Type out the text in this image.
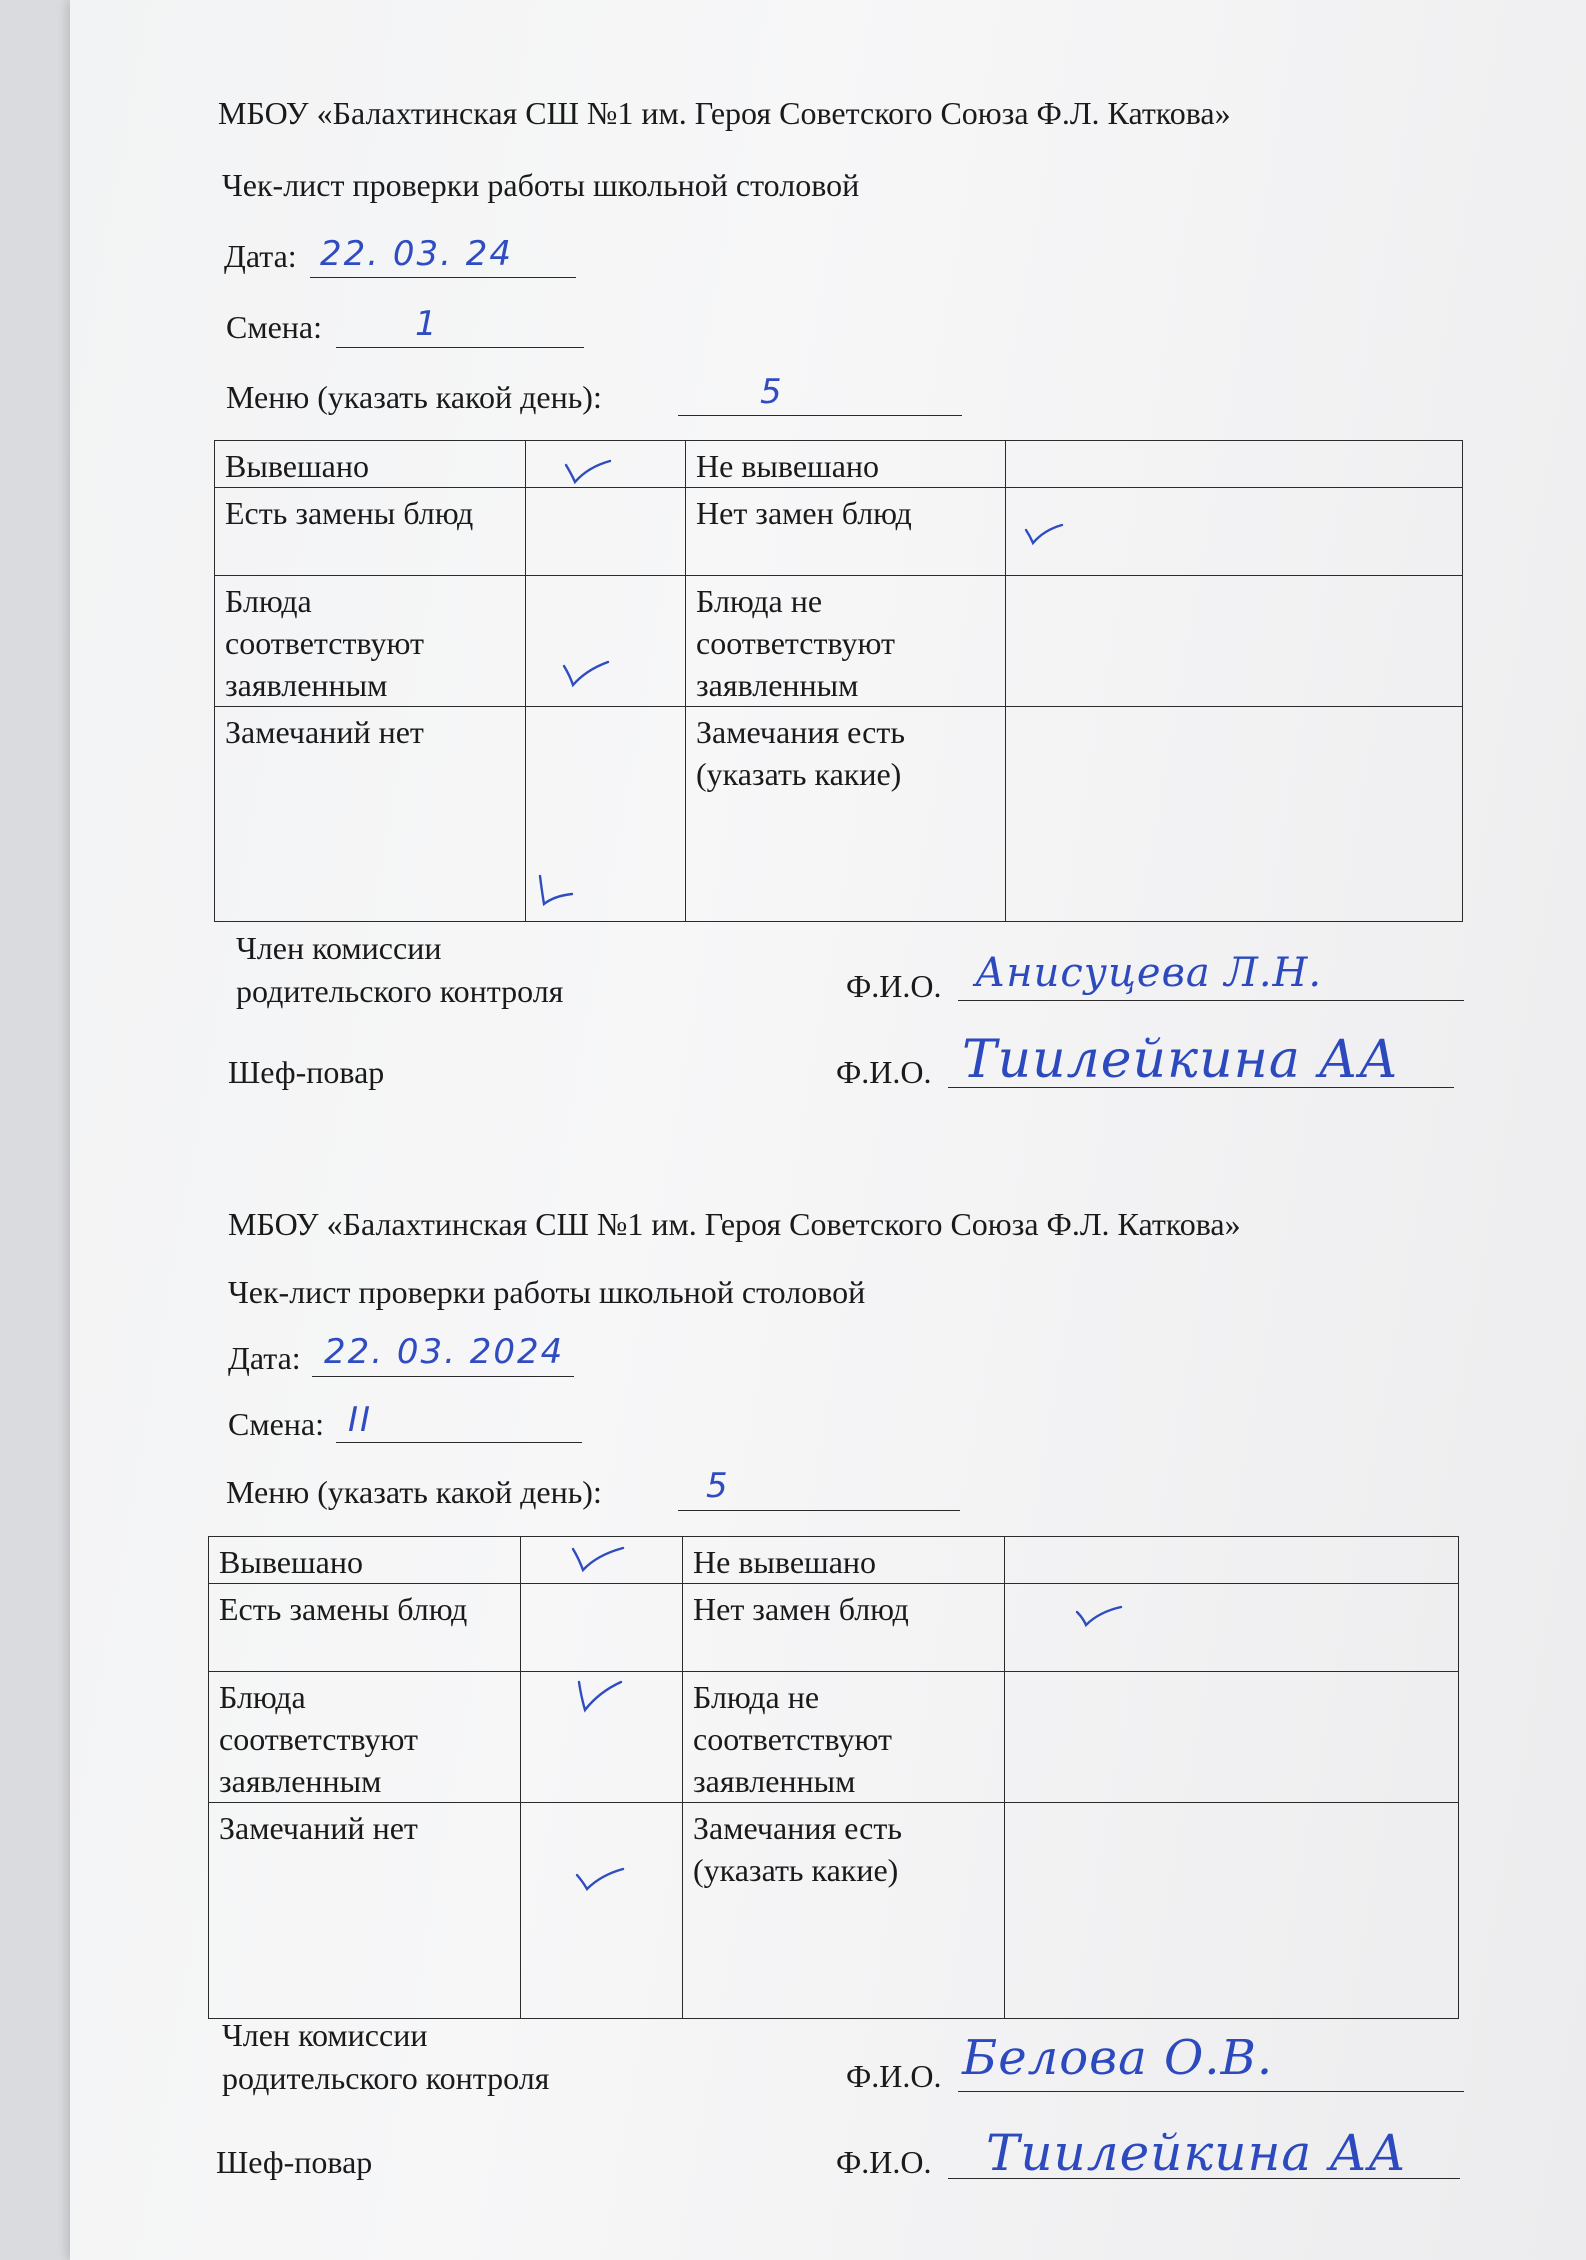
МБОУ «Балахтинская СШ №1 им. Героя Советского Союза Ф.Л. Каткова»
Чек-лист проверки работы школьной столовой
Дата: 22. 03. 24
Смена:	1
Меню (указать какой день):	5
Вывешано		Не вывешано	
Есть замены блюд		Нет замен блюд	

Блюда соответствуют заявленным		Блюда не соответствуют заявленным	
Замечаний нет		Замечания есть (указать какие)	
Член комиссии родительского контроля	Ф.И.О. Анисуцева Л.Н.
Шеф-повар	Ф.И.О. Тиилейкина АА
МБОУ «Балахтинская СШ №1 им. Героя Советского Союза Ф.Л. Каткова»
Чек-лист проверки работы школьной столовой
Дата: 22. 03. 2024
Смена: II
Меню (указать какой день):	5
Вывешано		Не вывешано	
Есть замены блюд		Нет замен блюд	

Блюда соответствуют заявленным		Блюда не соответствуют заявленным	
Замечаний нет		Замечания есть (указать какие)	
Член комиссии родительского контроля	Ф.И.О. Белова О.В.
Шеф-повар	Ф.И.О. Тиилейкина АА
